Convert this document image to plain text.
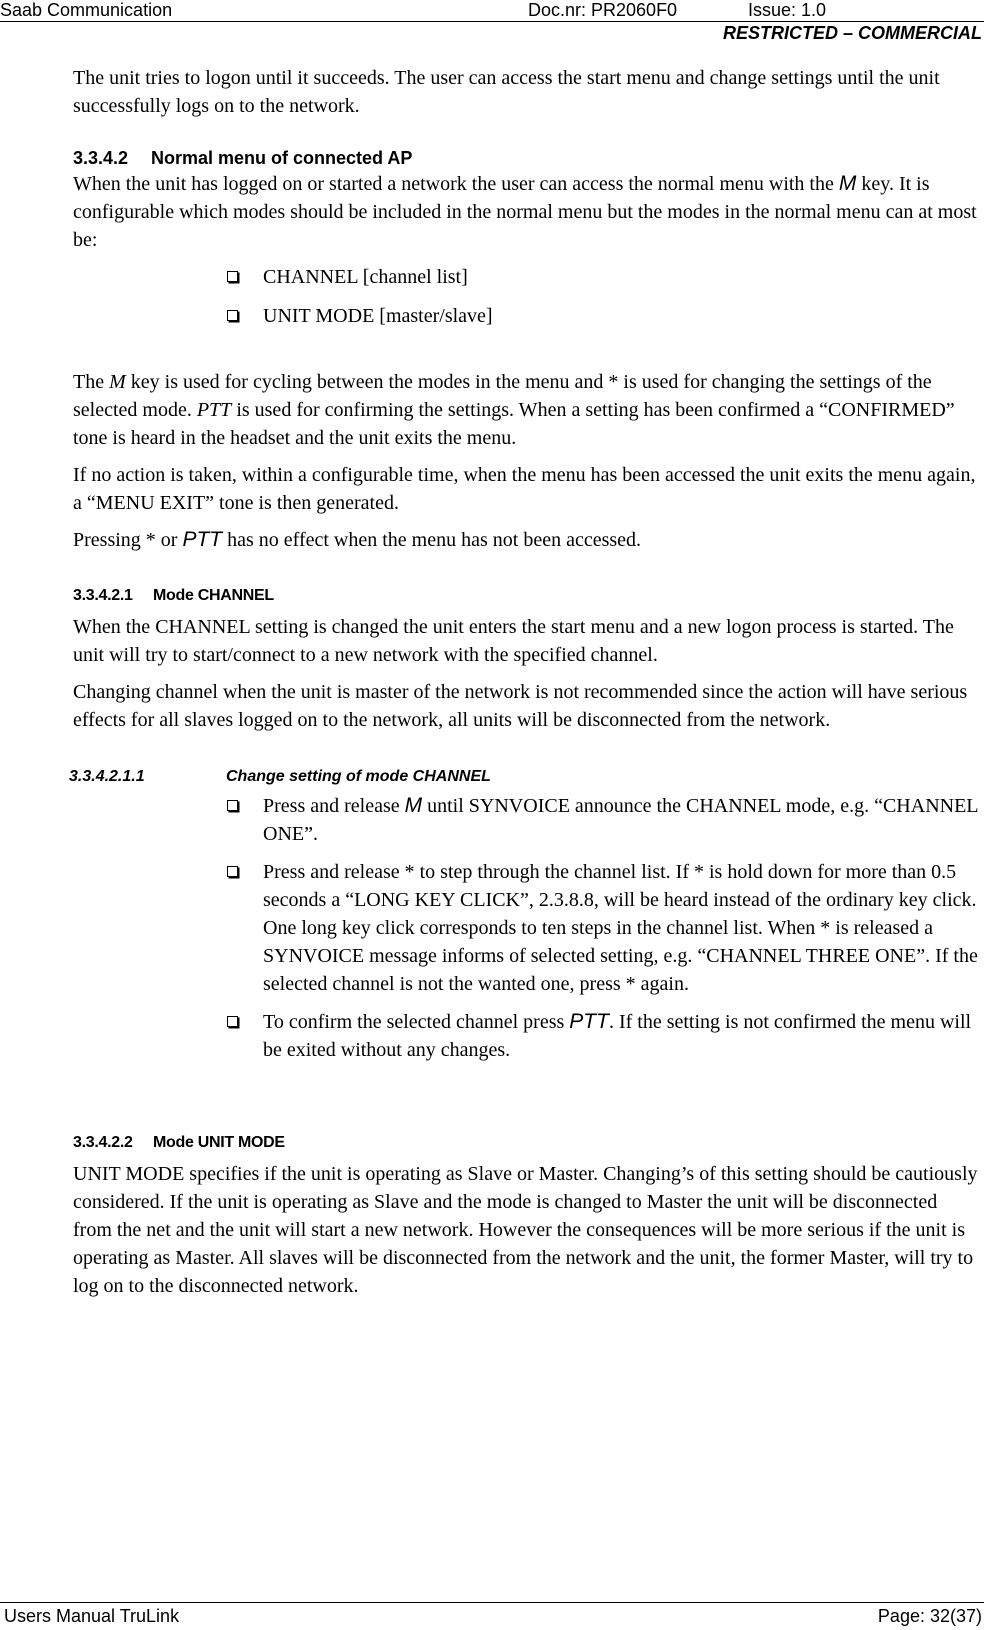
Saab Communication	Doc.nr: PR2060F0	Issue: 1.0
RESTRICTED – COMMERCIAL

The unit tries to logon until it succeeds. The user can access the start menu and change settings until the unit successfully logs on to the network.

3.3.4.2 Normal menu of connected AP

When the unit has logged on or started a network the user can access the normal menu with the M key. It is configurable which modes should be included in the normal menu but the modes in the normal menu can at most be:

CHANNEL [channel list]
UNIT MODE [master/slave]

The M key is used for cycling between the modes in the menu and * is used for changing the settings of the selected mode. PTT is used for confirming the settings. When a setting has been confirmed a “CONFIRMED” tone is heard in the headset and the unit exits the menu.

If no action is taken, within a configurable time, when the menu has been accessed the unit exits the menu again, a “MENU EXIT” tone is then generated.

Pressing * or PTT has no effect when the menu has not been accessed.

3.3.4.2.1 Mode CHANNEL

When the CHANNEL setting is changed the unit enters the start menu and a new logon process is started. The unit will try to start/connect to a new network with the specified channel.

Changing channel when the unit is master of the network is not recommended since the action will have serious effects for all slaves logged on to the network, all units will be disconnected from the network.

3.3.4.2.1.1	Change setting of mode CHANNEL
Press and release M until SYNVOICE announce the CHANNEL mode, e.g. “CHANNEL ONE”.
Press and release * to step through the channel list. If * is hold down for more than 0.5 seconds a “LONG KEY CLICK”, 2.3.8.8, will be heard instead of the ordinary key click. One long key click corresponds to ten steps in the channel list. When * is released a SYNVOICE message informs of selected setting, e.g. “CHANNEL THREE ONE”. If the selected channel is not the wanted one, press * again.
To confirm the selected channel press PTT. If the setting is not confirmed the menu will be exited without any changes.
3.3.4.2.2 Mode UNIT MODE

UNIT MODE specifies if the unit is operating as Slave or Master. Changing’s of this setting should be cautiously considered. If the unit is operating as Slave and the mode is changed to Master the unit will be disconnected from the net and the unit will start a new network. However the consequences will be more serious if the unit is operating as Master. All slaves will be disconnected from the network and the unit, the former Master, will try to log on to the disconnected network.

Users Manual TruLink	Page: 32(37)
